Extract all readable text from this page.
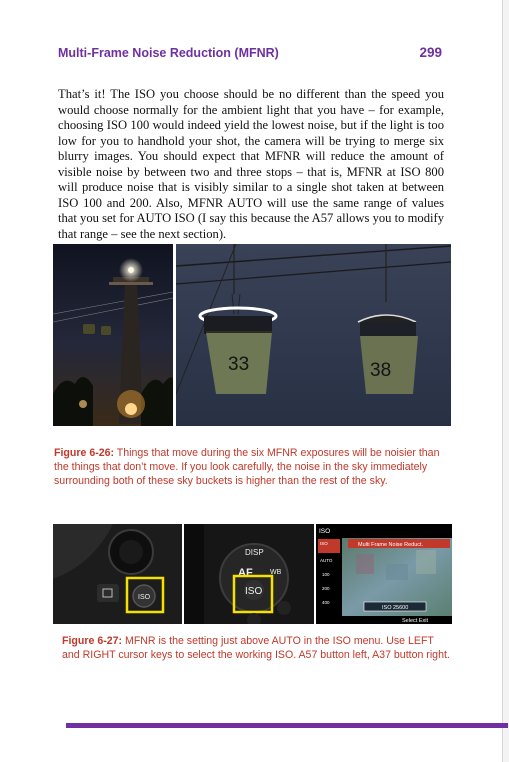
Multi-Frame Noise Reduction (MFNR)	299

That’s it! The ISO you choose should be no different than the speed you would choose normally for the ambient light that you have – for example, choosing ISO 100 would indeed yield the lowest noise, but if the light is too low for you to handhold your shot, the camera will be trying to merge six blurry images. You should expect that MFNR will reduce the amount of visible noise by between two and three stops – that is, MFNR at ISO 800 will produce noise that is visibly similar to a single shot taken at between ISO 100 and 200. Also, MFNR AUTO will use the same range of values that you set for AUTO ISO (I say this because the A57 allows you to modify that range – see the next section).

33	38

Figure 6-26: Things that move during the six MFNR exposures will be noisier than the things that don’t move. If you look carefully, the noise in the sky immediately surrounding both of these sky buckets is higher than the rest of the sky.

ISO
DISP
AF WB
ISO
ISO
Multi Frame Noise Reduct.
ISO
AUTO
100
200
400
ISO 25600
Select Exit

Figure 6-27: MFNR is the setting just above AUTO in the ISO menu. Use LEFT and RIGHT cursor keys to select the working ISO. A57 button left, A37 button right.
